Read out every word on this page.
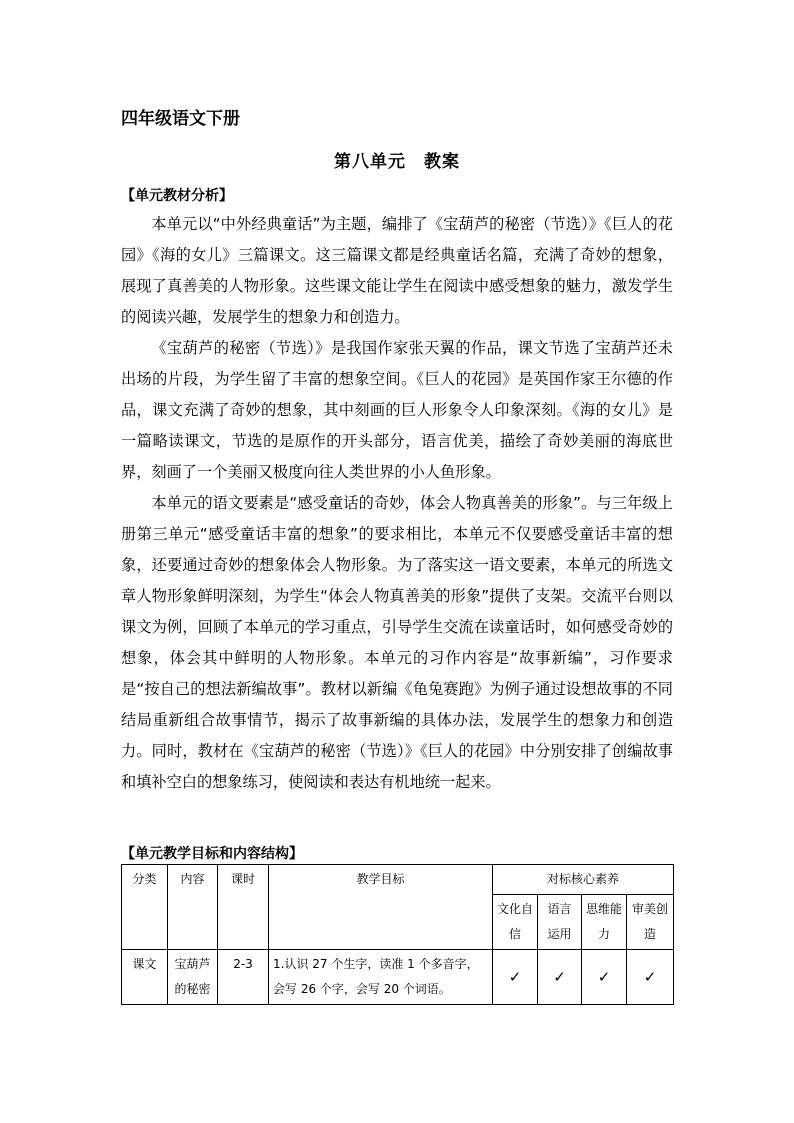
四年级语文下册
第八单元　教案
【单元教材分析】

本单元以“中外经典童话”为主题，编排了《宝葫芦的秘密（节选）》《巨人的花园》《海的女儿》三篇课文。这三篇课文都是经典童话名篇，充满了奇妙的想象，展现了真善美的人物形象。这些课文能让学生在阅读中感受想象的魅力，激发学生的阅读兴趣，发展学生的想象力和创造力。

《宝葫芦的秘密（节选）》是我国作家张天翼的作品，课文节选了宝葫芦还未出场的片段，为学生留了丰富的想象空间。《巨人的花园》是英国作家王尔德的作品，课文充满了奇妙的想象，其中刻画的巨人形象令人印象深刻。《海的女儿》是一篇略读课文，节选的是原作的开头部分，语言优美，描绘了奇妙美丽的海底世界，刻画了一个美丽又极度向往人类世界的小人鱼形象。

本单元的语文要素是“感受童话的奇妙，体会人物真善美的形象”。与三年级上册第三单元“感受童话丰富的想象”的要求相比，本单元不仅要感受童话丰富的想象，还要通过奇妙的想象体会人物形象。为了落实这一语文要素，本单元的所选文章人物形象鲜明深刻，为学生“体会人物真善美的形象”提供了支架。交流平台则以课文为例，回顾了本单元的学习重点，引导学生交流在读童话时，如何感受奇妙的想象，体会其中鲜明的人物形象。本单元的习作内容是“故事新编”，习作要求是“按自己的想法新编故事”。教材以新编《龟兔赛跑》为例子通过设想故事的不同结局重新组合故事情节，揭示了故事新编的具体办法，发展学生的想象力和创造力。同时，教材在《宝葫芦的秘密（节选）》《巨人的花园》中分别安排了创编故事和填补空白的想象练习，使阅读和表达有机地统一起来。

【单元教学目标和内容结构】
分类	内容	课时	教学目标	对标核心素养			
				文化自信	语言运用	思维能力	审美创造
课文	宝葫芦的秘密	2-3	1.认识 27 个生字，读准 1 个多音字，会写 26 个字，会写 20 个词语。	✓	✓	✓	✓
